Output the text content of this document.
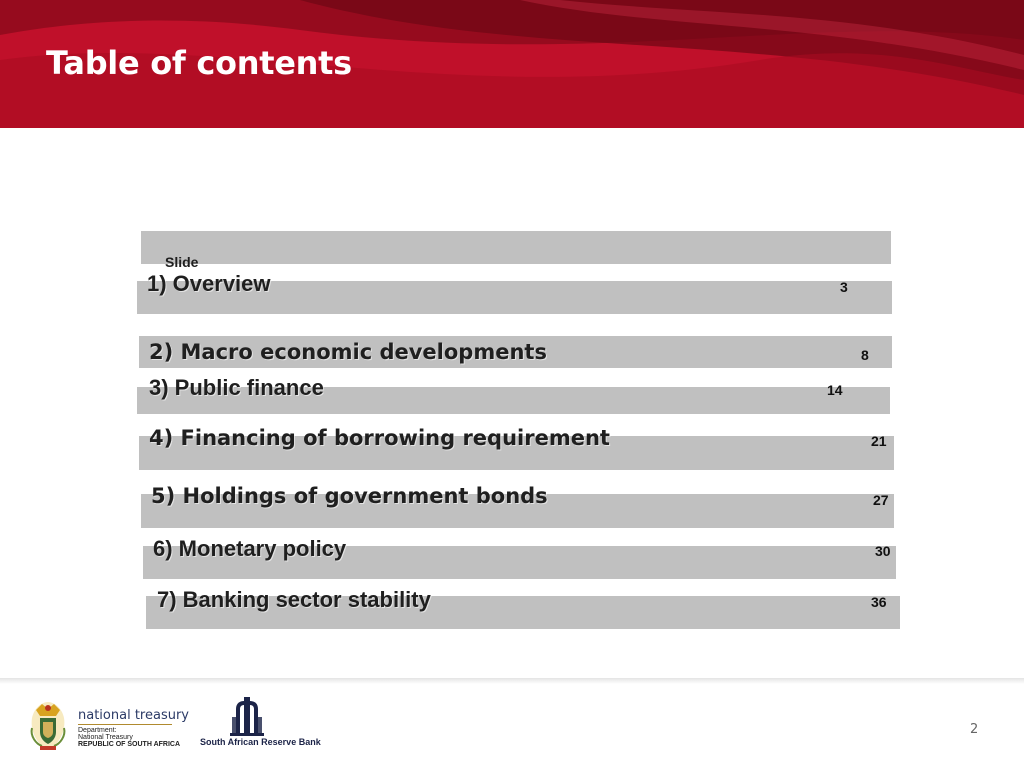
Table of contents
Slide
1) Overview	3
2) Macro economic developments	8
3) Public finance	14
4) Financing of borrowing requirement	21
5) Holdings of government bonds	27
6) Monetary policy	30
7) Banking sector stability	36
national treasury
Department:
National Treasury
REPUBLIC OF SOUTH AFRICA South African Reserve Bank
2
